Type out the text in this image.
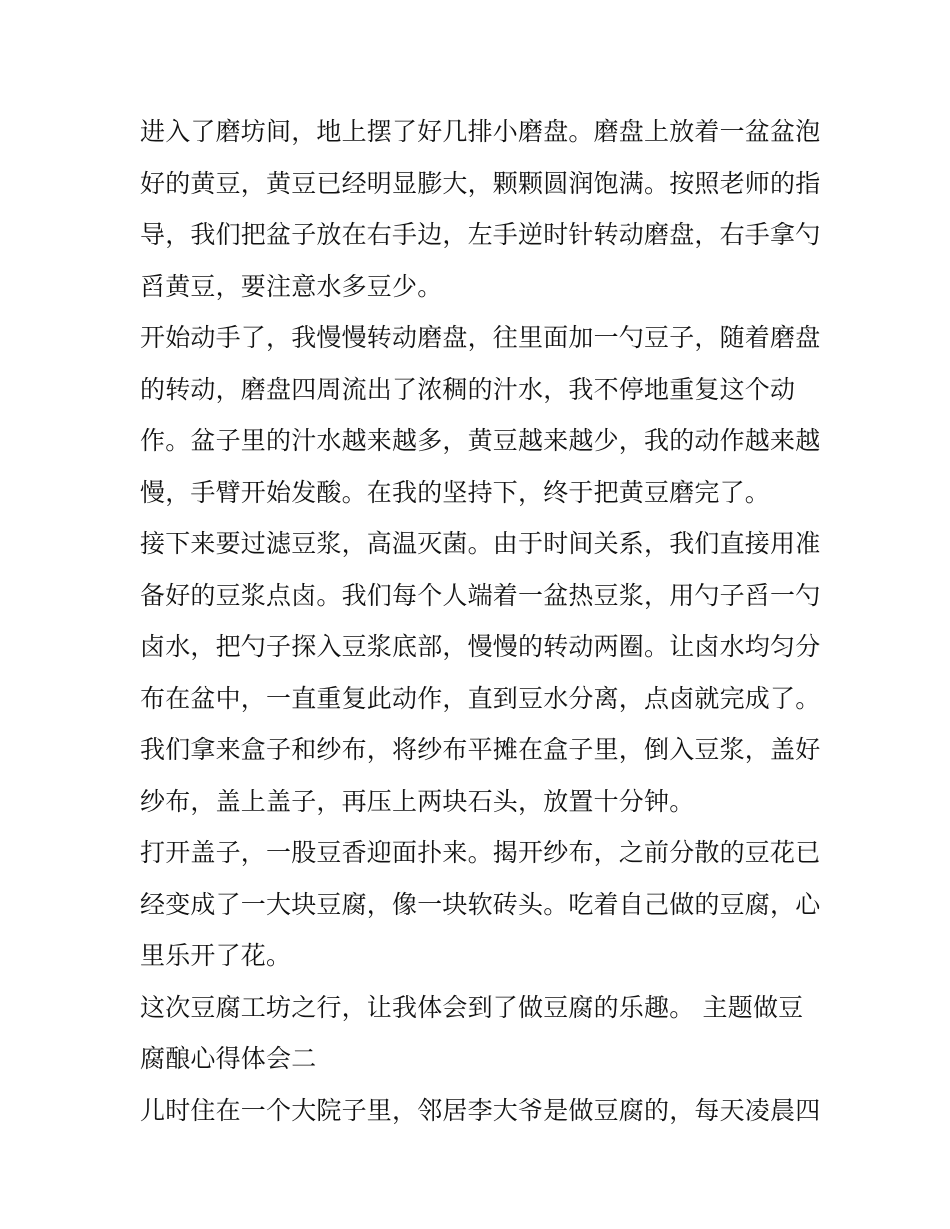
进入了磨坊间，地上摆了好几排小磨盘。磨盘上放着一盆盆泡
好的黄豆，黄豆已经明显膨大，颗颗圆润饱满。按照老师的指
导，我们把盆子放在右手边，左手逆时针转动磨盘，右手拿勺
舀黄豆，要注意水多豆少。
开始动手了，我慢慢转动磨盘，往里面加一勺豆子，随着磨盘
的转动，磨盘四周流出了浓稠的汁水，我不停地重复这个动
作。盆子里的汁水越来越多，黄豆越来越少，我的动作越来越
慢，手臂开始发酸。在我的坚持下，终于把黄豆磨完了。
接下来要过滤豆浆，高温灭菌。由于时间关系，我们直接用准
备好的豆浆点卤。我们每个人端着一盆热豆浆，用勺子舀一勺
卤水，把勺子探入豆浆底部，慢慢的转动两圈。让卤水均匀分
布在盆中，一直重复此动作，直到豆水分离，点卤就完成了。
我们拿来盒子和纱布，将纱布平摊在盒子里，倒入豆浆，盖好
纱布，盖上盖子，再压上两块石头，放置十分钟。
打开盖子，一股豆香迎面扑来。揭开纱布，之前分散的豆花已
经变成了一大块豆腐，像一块软砖头。吃着自己做的豆腐，心
里乐开了花。
这次豆腐工坊之行，让我体会到了做豆腐的乐趣。 主题做豆
腐酿心得体会二
儿时住在一个大院子里，邻居李大爷是做豆腐的，每天凌晨四
